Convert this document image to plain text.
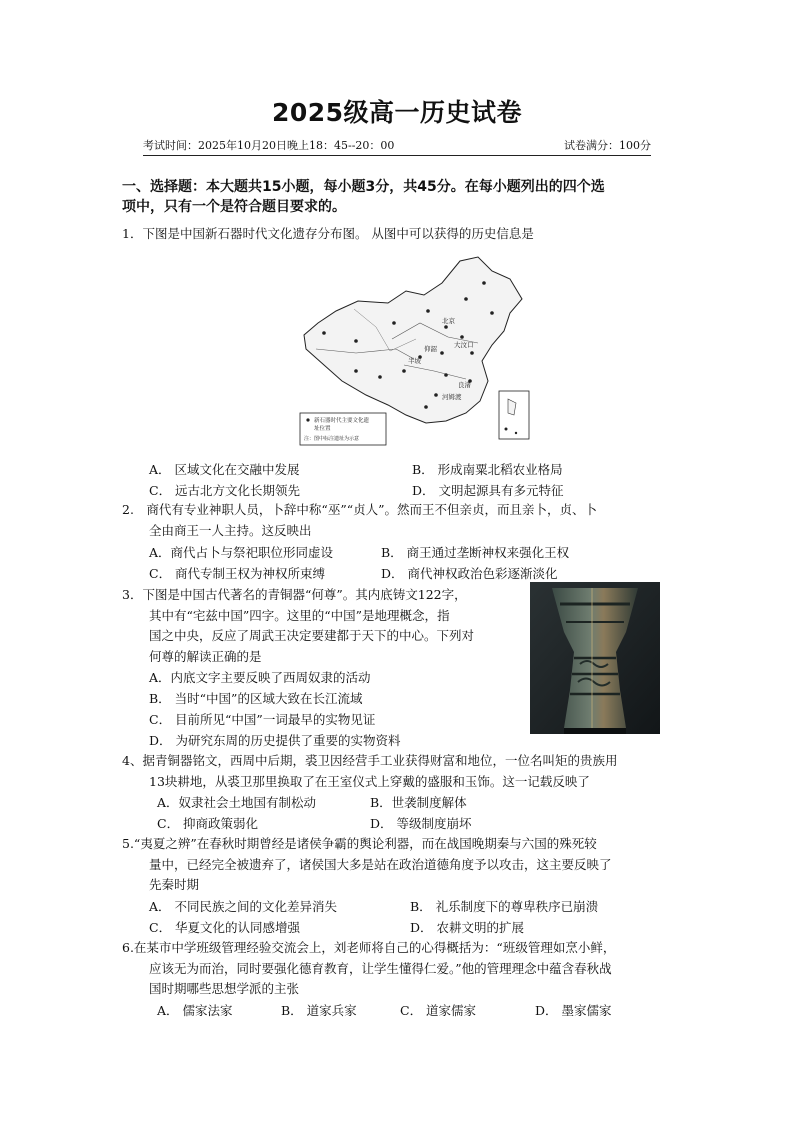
2025级高一历史试卷
考试时间：2025年10月20日晚上18：45--20：00	试卷满分：100分
一、选择题：本大题共15小题，每小题3分，共45分。在每小题列出的四个选
项中，只有一个是符合题目要求的。
1．下图是中国新石器时代文化遗存分布图。 从图中可以获得的历史信息是
北京
半坡
仰韶	大汶口
河姆渡
良渚
新石器时代主要文化遗
址位置
注：图中标注遗址为示意
A． 区域文化在交融中发展	B． 形成南粟北稻农业格局
C． 远古北方文化长期领先	D． 文明起源具有多元特征
2.　商代有专业神职人员，卜辞中称“巫”“贞人”。然而王不但亲贞，而且亲卜，贞、卜
全由商王一人主持。这反映出
A．商代占卜与祭祀职位形同虚设	B． 商王通过垄断神权来强化王权
C． 商代专制王权为神权所束缚	D． 商代神权政治色彩逐渐淡化
3．下图是中国古代著名的青铜器“何尊”。其内底铸文122字，
其中有“宅兹中国”四字。这里的“中国”是地理概念，指
国之中央，反应了周武王决定要建都于天下的中心。下列对
何尊的解读正确的是
A．内底文字主要反映了西周奴隶的活动
B． 当时“中国”的区域大致在长江流域
C． 目前所见“中国”一词最早的实物见证
D． 为研究东周的历史提供了重要的实物资料
4、据青铜器铭文，西周中后期，裘卫因经营手工业获得财富和地位，一位名叫矩的贵族用
13块耕地，从裘卫那里换取了在王室仪式上穿戴的盛服和玉饰。这一记载反映了
A．奴隶社会土地国有制松动	B．世袭制度解体
C． 抑商政策弱化	D． 等级制度崩坏
5.“夷夏之辨”在春秋时期曾经是诸侯争霸的舆论利器，而在战国晚期秦与六国的殊死较
量中，已经完全被遗弃了，诸侯国大多是站在政治道德角度予以攻击，这主要反映了
先秦时期
A． 不同民族之间的文化差异消失	B． 礼乐制度下的尊卑秩序已崩溃
C． 华夏文化的认同感增强	D． 农耕文明的扩展
6.在某市中学班级管理经验交流会上，刘老师将自己的心得概括为：“班级管理如烹小鲜，
应该无为而治，同时要强化德育教育，让学生懂得仁爱。”他的管理理念中蕴含春秋战
国时期哪些思想学派的主张
A． 儒家法家	B． 道家兵家	C． 道家儒家	D． 墨家儒家
